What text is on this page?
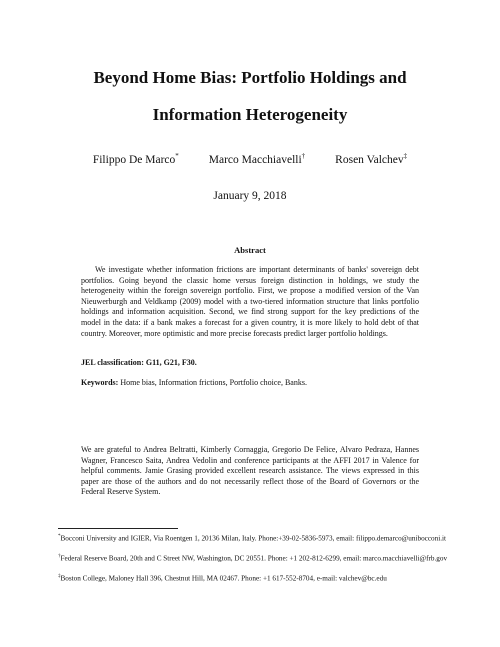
Beyond Home Bias: Portfolio Holdings and
Information Heterogeneity
Filippo De Marco*	Marco Macchiavelli†	Rosen Valchev‡
January 9, 2018
Abstract

We investigate whether information frictions are important determinants of banks' sovereign debt portfolios. Going beyond the classic home versus foreign distinction in holdings, we study the heterogeneity within the foreign sovereign portfolio. First, we propose a modified version of the Van Nieuwerburgh and Veldkamp (2009) model with a two-tiered information structure that links portfolio holdings and information acquisition. Second, we find strong support for the key predictions of the model in the data: if a bank makes a forecast for a given country, it is more likely to hold debt of that country. Moreover, more optimistic and more precise forecasts predict larger portfolio holdings.

JEL classification: G11, G21, F30.
Keywords: Home bias, Information frictions, Portfolio choice, Banks.

We are grateful to Andrea Beltratti, Kimberly Cornaggia, Gregorio De Felice, Alvaro Pedraza, Hannes Wagner, Francesco Saita, Andrea Vedolin and conference participants at the AFFI 2017 in Valence for helpful comments. Jamie Grasing provided excellent research assistance. The views expressed in this paper are those of the authors and do not necessarily reflect those of the Board of Governors or the Federal Reserve System.

*Bocconi University and IGIER, Via Roentgen 1, 20136 Milan, Italy. Phone:+39-02-5836-5973, email: filippo.demarco@unibocconi.it

†Federal Reserve Board, 20th and C Street NW, Washington, DC 20551. Phone: +1 202-812-6299, email: marco.macchiavelli@frb.gov

‡Boston College, Maloney Hall 396, Chestnut Hill, MA 02467. Phone: +1 617-552-8704, e-mail: valchev@bc.edu
